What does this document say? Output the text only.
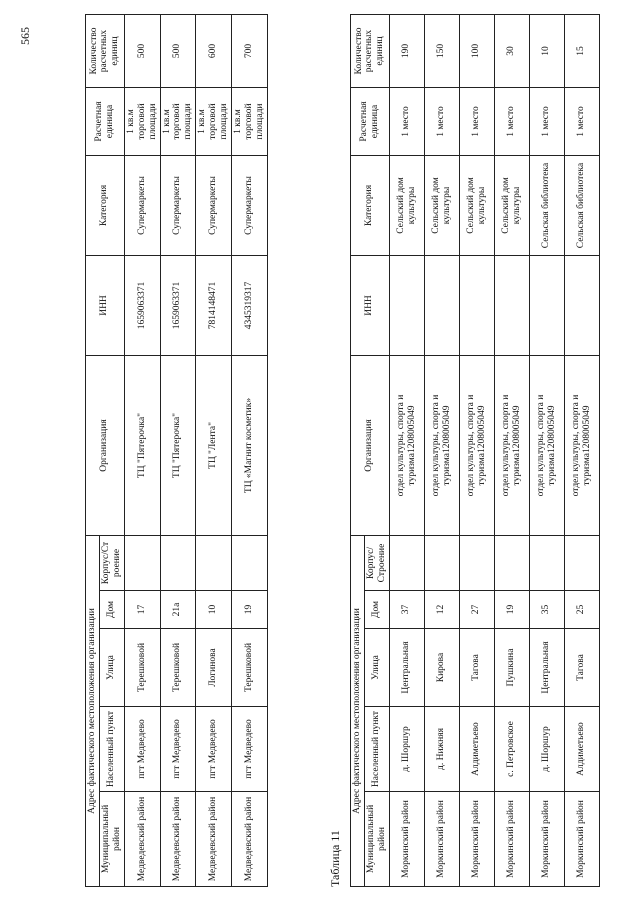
565
Адрес фактического местоположения организации					Организация	ИНН	Категория	Расчетная единица	Количество расчетных единиц
Муниципальный район	Населенный пункт	Улица	Дом	Корпус/Ст роение					
Медведевский район	пгт Медведево	Терешковой	17		ТЦ "Пятерочка"	1659063371	Супермаркеты	1 кв.м торговой площади	500
Медведевский район	пгт Медведево	Терешковой	21а		ТЦ "Пятерочка"	1659063371	Супермаркеты	1 кв.м торговой площади	500
Медведевский район	пгт Медведево	Логинова	10		ТЦ "Лента"	7814148471	Супермаркеты	1 кв.м торговой площади	600
Медведевский район	пгт Медведево	Терешковой	19		ТЦ «Магнит косметик»	4345319317	Супермаркеты	1 кв.м торговой площади	700
Таблица 11
Адрес фактического местоположения организации					Организация	ИНН	Категория	Расчетная единица	Количество расчетных единиц
Муниципальный район	Населенный пункт	Улица	Дом	Корпус/ Строение					
Моркинский район	д. Шоршур	Центральная	37		отдел культуры, спорта и туризма1208005049		Сельский дом культуры	1 место	190
Моркинский район	д. Нижняя	Кирова	12		отдел культуры, спорта и туризма1208005049		Сельский дом культуры	1 место	150
Моркинский район	Алдиметьево	Тагова	27		отдел культуры, спорта и туризма1208005049		Сельский дом культуры	1 место	100
Моркинский район	с. Петровское	Пушкина	19		отдел культуры, спорта и туризма1208005049		Сельский дом культуры	1 место	30
Моркинский район	д. Шоршур	Центральная	35		отдел культуры, спорта и туризма1208005049		Сельская библиотека	1 место	10
Моркинский район	Алдиметьево	Тагова	25		отдел культуры, спорта и туризма1208005049		Сельская библиотека	1 место	15
